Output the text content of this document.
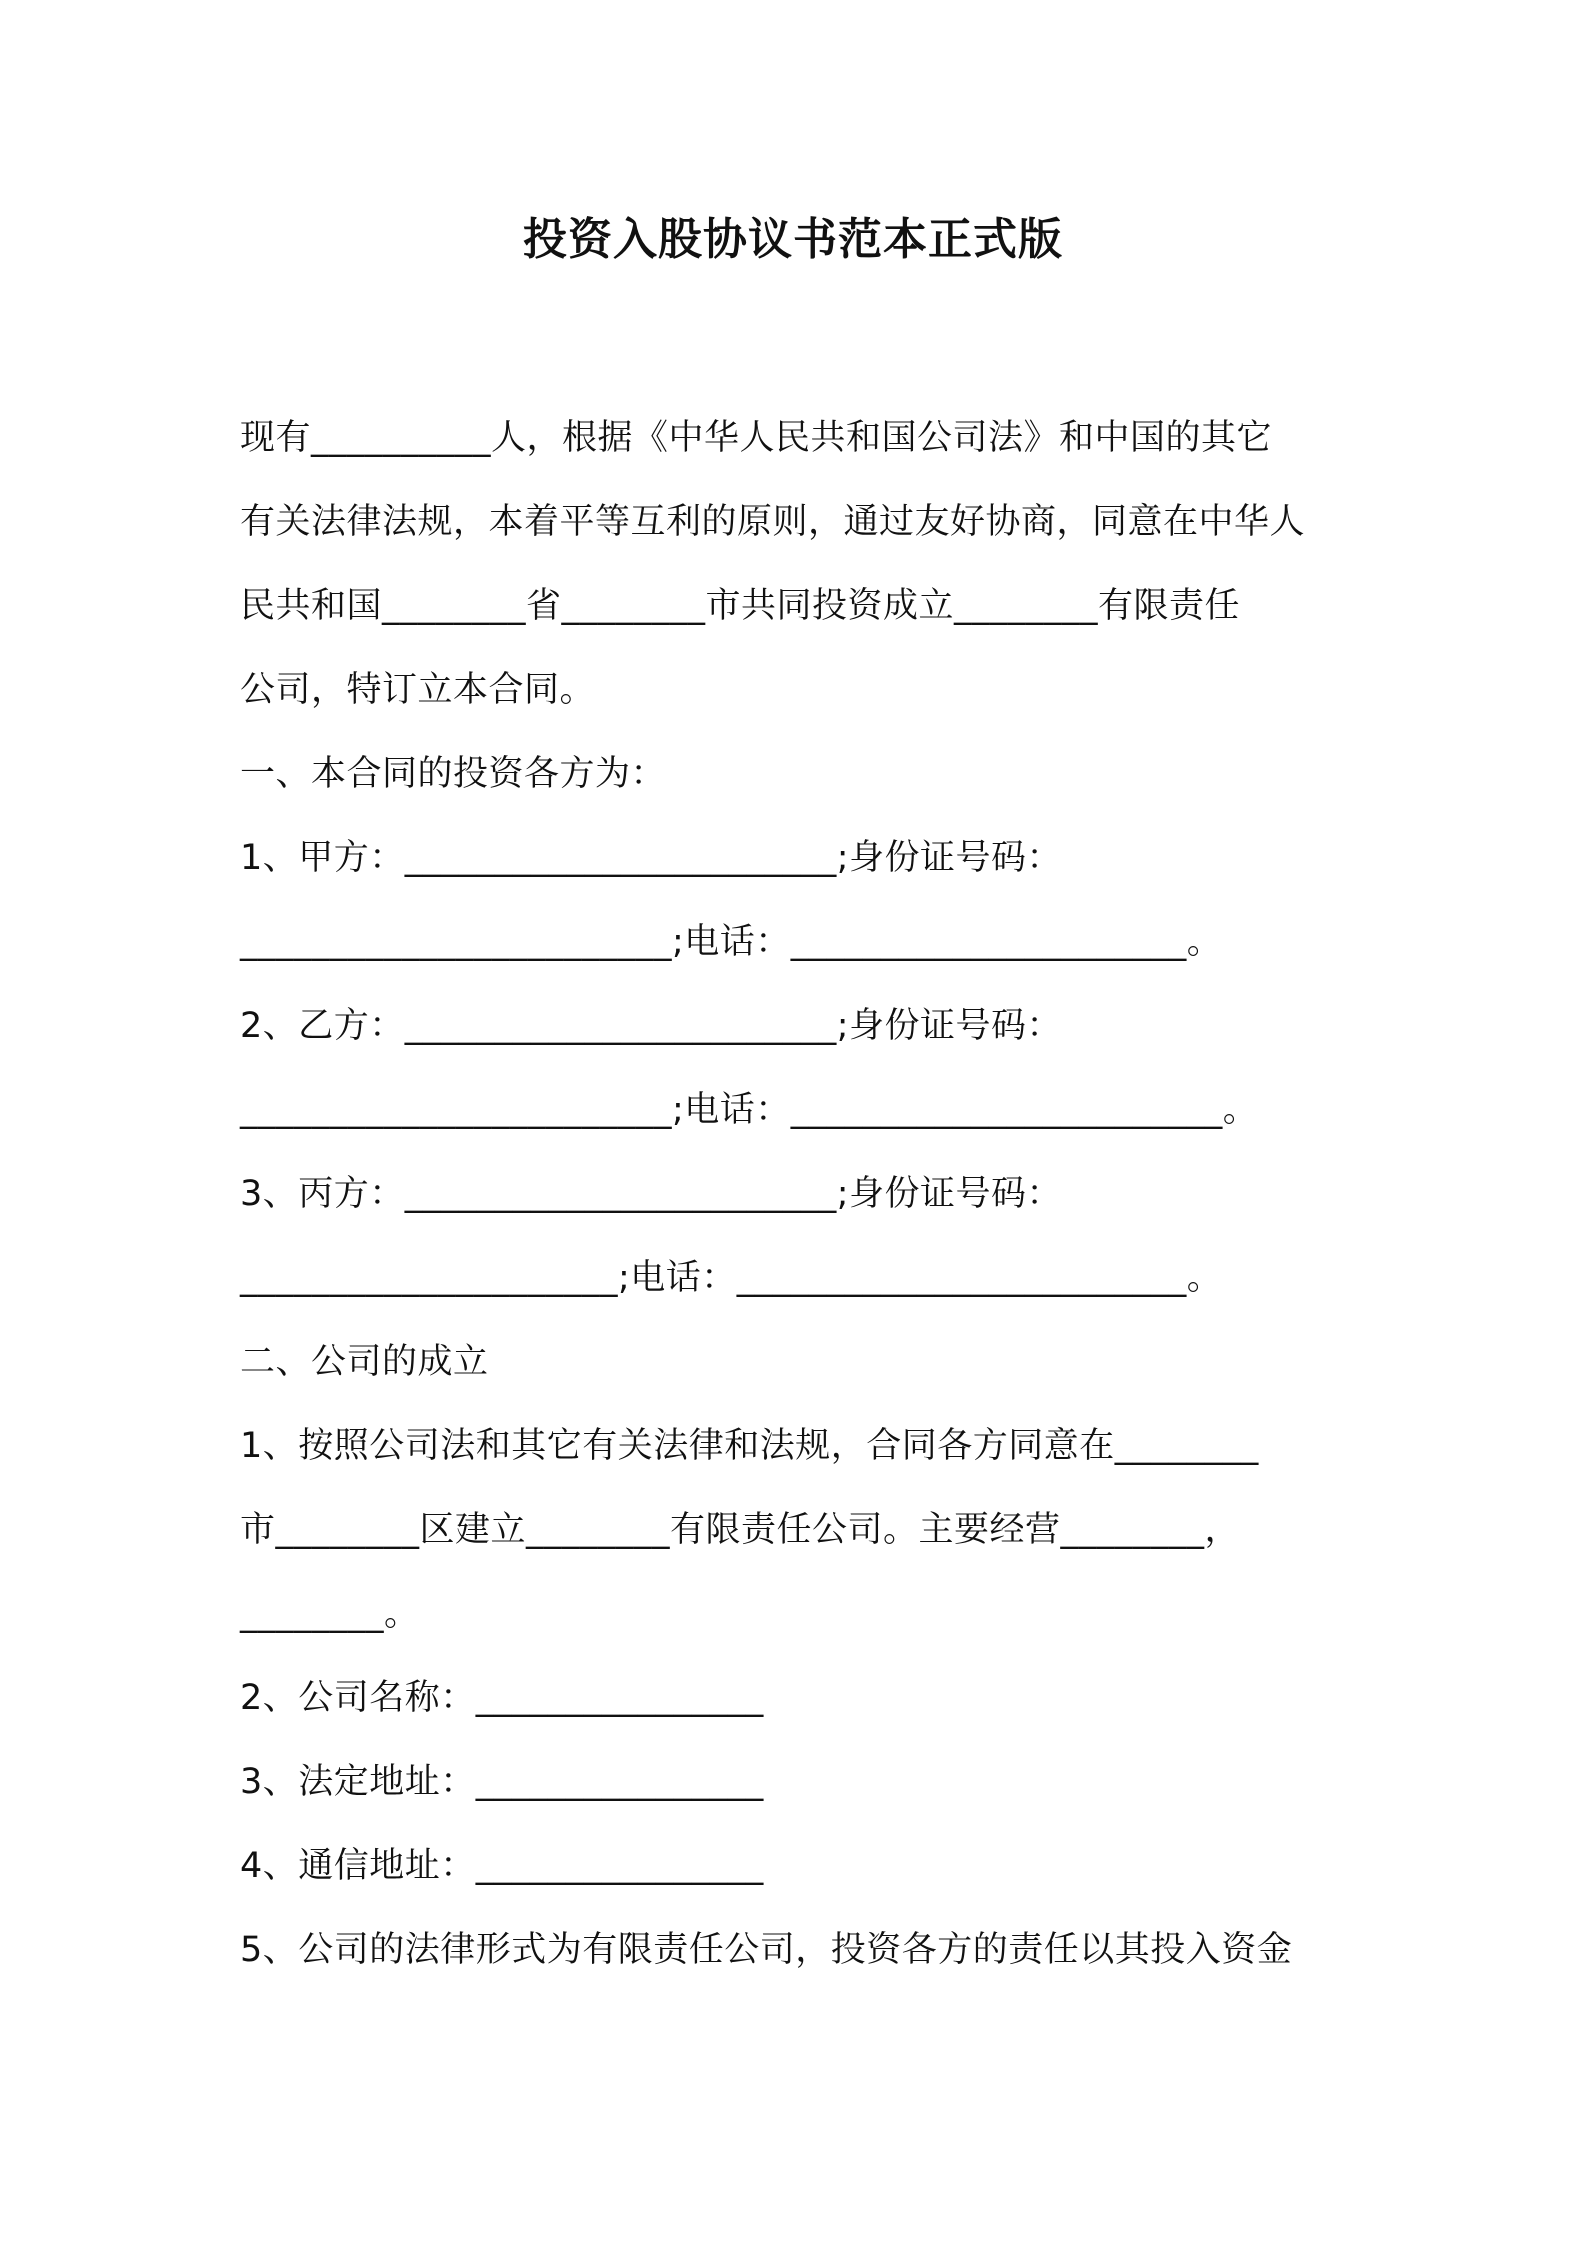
投资入股协议书范本正式版
现有__________人，根据《中华人民共和国公司法》和中国的其它
有关法律法规，本着平等互利的原则，通过友好协商，同意在中华人
民共和国________省________市共同投资成立________有限责任
公司，特订立本合同。
一、本合同的投资各方为：
1、甲方：________________________;身份证号码：
________________________;电话：______________________。
2、乙方：________________________;身份证号码：
________________________;电话：________________________。
3、丙方：________________________;身份证号码：
_____________________;电话：_________________________。
二、公司的成立
1、按照公司法和其它有关法律和法规，合同各方同意在________
市________区建立________有限责任公司。主要经营________，
________。
2、公司名称：________________
3、法定地址：________________
4、通信地址：________________
5、公司的法律形式为有限责任公司，投资各方的责任以其投入资金
